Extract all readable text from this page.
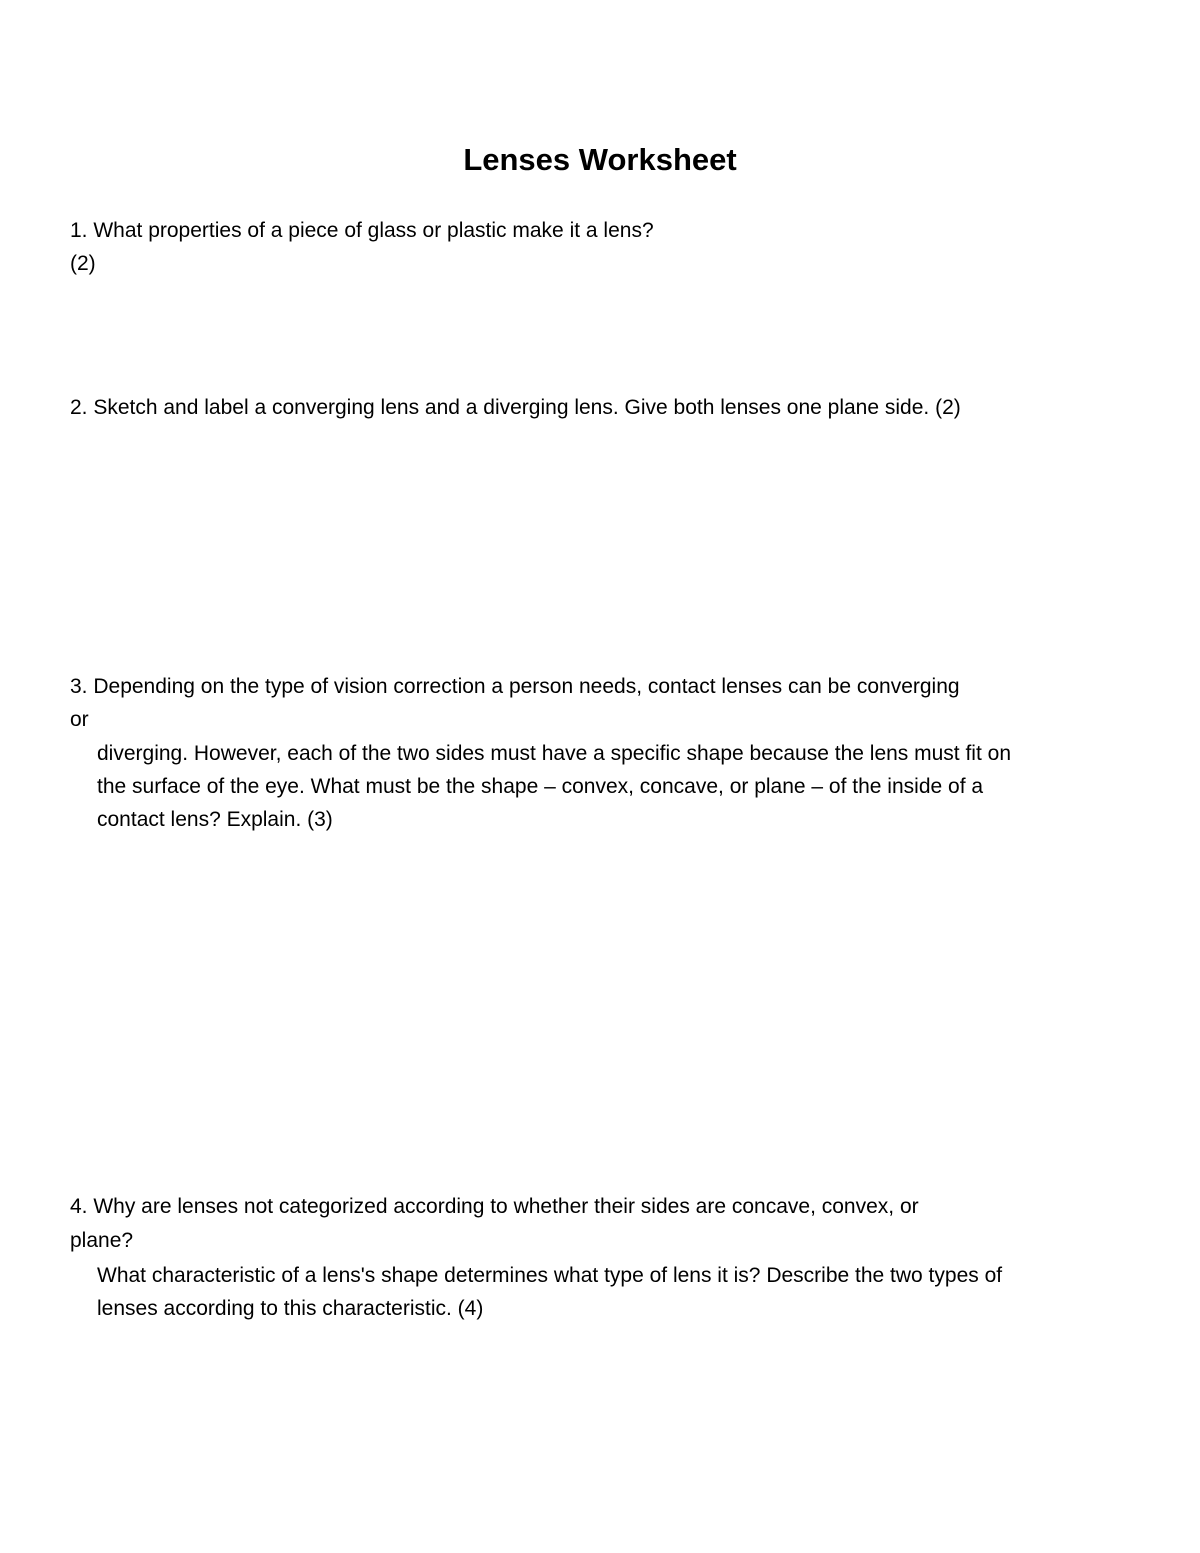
Lenses Worksheet
1. What properties of a piece of glass or plastic make it a lens?
(2)
2. Sketch and label a converging lens and a diverging lens. Give both lenses one plane side. (2)
3. Depending on the type of vision correction a person needs, contact lenses can be converging
or
diverging. However, each of the two sides must have a specific shape because the lens must fit on
the surface of the eye. What must be the shape – convex, concave, or plane – of the inside of a
contact lens? Explain. (3)
4. Why are lenses not categorized according to whether their sides are concave, convex, or
plane?
What characteristic of a lens's shape determines what type of lens it is? Describe the two types of
lenses according to this characteristic. (4)
